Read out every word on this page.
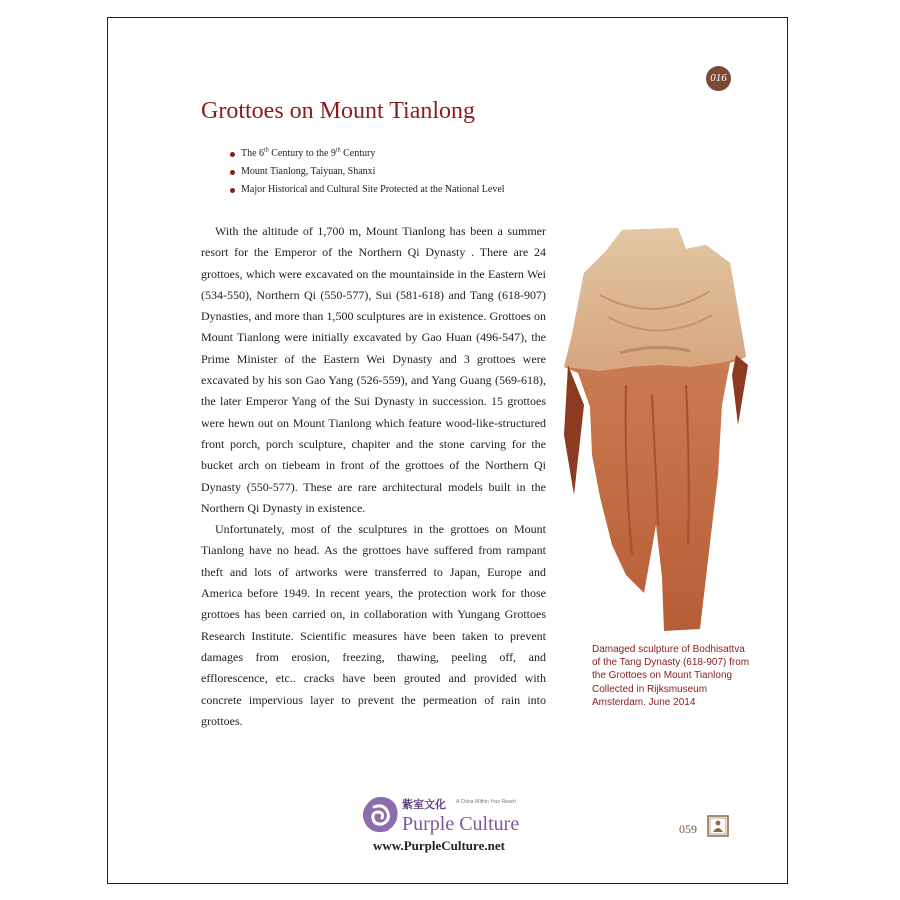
016
Grottoes on Mount Tianlong
The 6th Century to the 9th Century
Mount Tianlong, Taiyuan, Shanxi
Major Historical and Cultural Site Protected at the National Level

With the altitude of 1,700 m, Mount Tianlong has been a summer resort for the Emperor of the Northern Qi Dynasty . There are 24 grottoes, which were excavated on the mountainside in the Eastern Wei (534-550), Northern Qi (550-577), Sui (581-618) and Tang (618-907) Dynasties, and more than 1,500 sculptures are in existence. Grottoes on Mount Tianlong were initially excavated by Gao Huan (496-547), the Prime Minister of the Eastern Wei Dynasty and 3 grottoes were excavated by his son Gao Yang (526-559), and Yang Guang (569-618), the later Emperor Yang of the Sui Dynasty in succession. 15 grottoes were hewn out on Mount Tianlong which feature wood-like-structured front porch, porch sculpture, chapiter and the stone carving for the bucket arch on tiebeam in front of the grottoes of the Northern Qi Dynasty (550-577). These are rare architectural models built in the Northern Qi Dynasty in existence.

Unfortunately, most of the sculptures in the grottoes on Mount Tianlong have no head. As the grottoes have suffered from rampant theft and lots of artworks were transferred to Japan, Europe and America before 1949. In recent years, the protection work for those grottoes has been carried on, in collaboration with Yungang Grottoes Research Institute. Scientific measures have been taken to prevent damages from erosion, freezing, thawing, peeling off, and efflorescence, etc.. cracks have been grouted and provided with concrete impervious layer to prevent the permeation of rain into grottoes.

Damaged sculpture of Bodhisattva of the Tang Dynasty (618-907) from the Grottoes on Mount Tianlong Collected in Rijksmuseum Amsterdam. June 2014
紫室文化 A China Within Your Reach
Purple Culture
www.PurpleCulture.net
059
